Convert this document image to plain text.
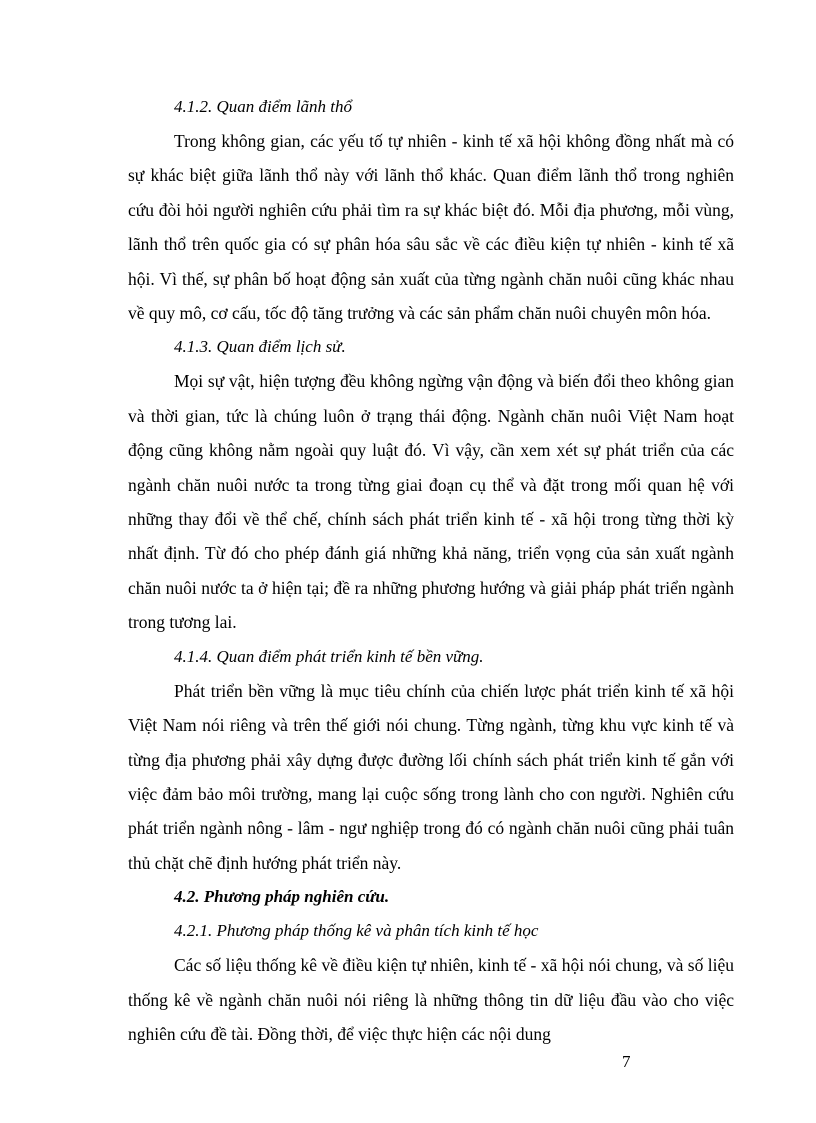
4.1.2. Quan điểm lãnh thổ

Trong không gian, các yếu tố tự nhiên - kinh tế xã hội không đồng nhất mà có sự khác biệt giữa lãnh thổ này với lãnh thổ khác. Quan điểm lãnh thổ trong nghiên cứu đòi hỏi người nghiên cứu phải tìm ra sự khác biệt đó. Mỗi địa phương, mỗi vùng, lãnh thổ trên quốc gia có sự phân hóa sâu sắc về các điều kiện tự nhiên - kinh tế xã hội. Vì thế, sự phân bố hoạt động sản xuất của từng ngành chăn nuôi cũng khác nhau về quy mô, cơ cấu, tốc độ tăng trưởng và các sản phẩm chăn nuôi chuyên môn hóa.

4.1.3. Quan điểm lịch sử.

Mọi sự vật, hiện tượng đều không ngừng vận động và biến đổi theo không gian và thời gian, tức là chúng luôn ở trạng thái động. Ngành chăn nuôi Việt Nam hoạt động cũng không nằm ngoài quy luật đó. Vì vậy, cần xem xét sự phát triển của các ngành chăn nuôi nước ta trong từng giai đoạn cụ thể và đặt trong mối quan hệ với những thay đổi về thể chế, chính sách phát triển kinh tế - xã hội trong từng thời kỳ nhất định. Từ đó cho phép đánh giá những khả năng, triển vọng của sản xuất ngành chăn nuôi nước ta ở hiện tại; đề ra những phương hướng và giải pháp phát triển ngành trong tương lai.

4.1.4. Quan điểm phát triển kinh tế bền vững.

Phát triển bền vững là mục tiêu chính của chiến lược phát triển kinh tế xã hội Việt Nam nói riêng và trên thế giới nói chung. Từng ngành, từng khu vực kinh tế và từng địa phương phải xây dựng được đường lối chính sách phát triển kinh tế gắn với việc đảm bảo môi trường, mang lại cuộc sống trong lành cho con người. Nghiên cứu phát triển ngành nông - lâm - ngư nghiệp trong đó có ngành chăn nuôi cũng phải tuân thủ chặt chẽ định hướng phát triển này.

4.2. Phương pháp nghiên cứu.

4.2.1. Phương pháp thống kê và phân tích kinh tế học

Các số liệu thống kê về điều kiện tự nhiên, kinh tế - xã hội nói chung, và số liệu thống kê về ngành chăn nuôi nói riêng là những thông tin dữ liệu đầu vào cho việc nghiên cứu đề tài. Đồng thời, để việc thực hiện các nội dung

7
